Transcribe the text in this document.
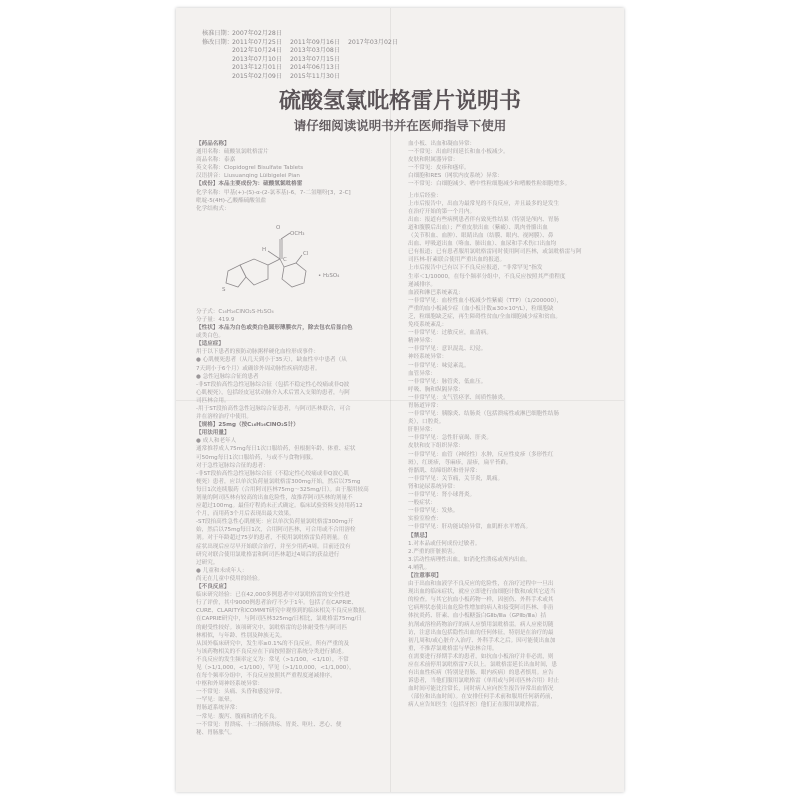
核准日期： 2007年02月28日
修改日期： 2011年07月25日	2011年09月16日	2017年03月02日
2012年10月24日	2013年03月08日
2013年07月10日	2013年07月15日
2013年12月01日	2014年06月13日
2015年02月09日	2015年11月30日
硫酸氢氯吡格雷片说明书
请仔细阅读说明书并在医师指导下使用

【药品名称】

通用名称：硫酸氢氯吡格雷片

商品名称：泰嘉

英文名称：Clopidogrel Bisulfate Tablets

汉语拼音：Liusuanqing Lüibigelei Pian

【成份】本品主要成份为：硫酸氢氯吡格雷

化学名称：甲基(+)-(S)-α-(2-氯苯基)-6，7-二氢噻吩[3，2-C]

吡啶-5(4H)-乙酸酯硫酸氢盐

化学结构式：

O
OCH₃
H
C
Cl
S
• H₂SO₄

分子式：C₁₆H₁₆ClNO₂S·H₂SO₄

分子量：419.9

【性状】本品为白色或类白色圆形薄膜衣片，除去包衣后显白色

或类白色。

【适应症】

用于以下患者的预防动脉粥样硬化血栓形成事件：

● 心肌梗死患者（从几天到小于35天），缺血性卒中患者（从

7天到小于6个月）或确诊外周动脉性疾病的患者。

● 急性冠脉综合征的患者

-非ST段抬高性急性冠脉综合征（包括不稳定性心绞痛或非Q波

心肌梗死），包括经皮冠状动脉介入术后置入支架的患者，与阿

司匹林合用。

-用于ST段抬高性急性冠脉综合征患者，与阿司匹林联合，可合

并在溶栓治疗中使用。

【规格】25mg（按C₁₆H₁₆ClNO₂S计）

【用法用量】

● 成人和老年人

通常推荐成人75mg每日1次口服给药，但根据年龄、体重、症状

可50mg每日1次口服给药，与或不与食物同服。

对于急性冠脉综合征的患者：

-非ST段抬高性急性冠脉综合征（不稳定性心绞痛或非Q波心肌

梗死）患者，应以单次负荷量氯吡格雷300mg开始，然后以75mg

每日1次连续服药（合用阿司匹林75mg～325mg/日）。由于服用较高

剂量的阿司匹林有较高的出血危险性，故推荐阿司匹林的剂量不

应超过100mg。最佳疗程尚未正式确定。临床试验资料支持用药12

个月，而用药3个月后表现出最大效果。

-ST段抬高性急性心肌梗死：应以单次负荷量氯吡格雷300mg开

始，然后以75mg每日1次，合用阿司匹林，可合用或不合用溶栓

剂。对于年龄超过75岁的患者，不使用氯吡格雷负荷剂量。在

症状出现后应尽早开始联合治疗，并至少用药4周。目前还没有

研究对联合使用氯吡格雷和阿司匹林超过4周后的获益进行

过研究。

● 儿童和未成年人：

尚无在儿童中使用的经验。

【不良反应】

临床研究经验：已在42,000多例患者中对氯吡格雷的安全性进

行了评价，其中9000例患者治疗不少于1年。包括了在CAPRIE、

CURE、CLARITY和COMMIT研究中观察到的临床相关不良反应数据。

在CAPRIE研究中，与阿司匹林325mg/日相比，氯吡格雷75mg/日

的耐受性较好。该项研究中，氯吡格雷的总体耐受性与阿司匹

林相似，与年龄、性别及种族无关。

从国外临床研究中，发生率≥0.1%的不良反应，所有严重的及

与该药物相关的不良反应在下面按照器官系统分类进行描述。

不良反应的发生频率定义为：常见（>1/100，<1/10），不常

见（>1/1,000，<1/100），罕见（>1/10,000，<1/1,000），

在每个频率分组中，不良反应按照其严重程度递减排序。

中枢和外周神经系统异常：

一不常见：头痛、头昏和感觉异常。

一罕见：眩晕。

胃肠道系统异常：

一常见：腹泻、腹痛和消化不良。

一不常见：胃溃疡、十二指肠溃疡、胃炎、呕吐、恶心、便

秘、胃肠胀气。

血小板、出血和凝血异常：

一不常见：出血时间延长和血小板减少。

皮肤和附属器异常：

一不常见：皮疹和瘙痒。

白细胞和RES（网状内皮系统）异常：

一不常见：白细胞减少、嗜中性粒细胞减少和嗜酸性粒细胞增多。

上市后经验：

上市后报告中，出血为最常见的不良反应，并且最多的是发生

在治疗开始的第一个月内。

出血：报道有些病例患者伴有致死性结果（特别是颅内、胃肠

道和腹膜后出血）；严重皮肤出血（紫癜）、肌肉骨骼出血

（关节积血、血肿）、眼睛出血（结膜、眼内、视网膜）、鼻

出血、呼吸道出血（咯血、肺出血）、血尿和手术伤口出血均

已有报道；已有患者服用氯吡格雷同时使用阿司匹林，或氯吡格雷与阿

司匹林-肝素联合使用严重出血的报道。

上市后报告中已有以下不良反应报道，“非常罕见”指发

生率＜1/10000，在每个频率分组中，不良反应按照其严重程度

递减排序。

血液和淋巴系统紊乱：

一非常罕见：血栓性血小板减少性紫癜（TTP）（1/200000），

严重的血小板减少症（血小板计数≤30×10⁹/L），粒细胞缺

乏，粒细胞缺乏症，再生障碍性贫血/全血细胞减少症和贫血。

免疫系统紊乱：

一非常罕见：过敏反应，血清病。

精神异常：

一非常罕见：意识混乱、幻觉。

神经系统异常：

一非常罕见：味觉紊乱。

血管异常：

一非常罕见：脉管炎，低血压。

呼吸、胸和纵隔异常：

一非常罕见：支气管痉挛、间质性肺炎。

胃肠道异常：

一非常罕见：胰腺炎、结肠炎（包括溃疡性或淋巴细胞性结肠

炎），口腔炎。

肝胆异常：

一非常罕见：急性肝衰竭、肝炎。

皮肤和皮下组织异常：

一非常罕见：血管（神经性）水肿，反应性皮疹（多形性红

斑），红斑疹，荨麻疹，湿疹，扁平苔藓。

骨骼肌、结缔组织和骨异常：

一非常罕见：关节痛，关节炎，肌痛。

肾和泌尿系统异常：

一非常罕见：肾小球肾炎。

一般症状：

一非常罕见：发热。

实验室检查：

一非常罕见：肝功能试验异常，血肌酐水平增高。

【禁忌】

1.对本品或任何成份过敏者。

2.严重的肝脏损害。

3.活动性病理性出血，如消化性溃疡或颅内出血。

4.哺乳。

【注意事项】

由于出血和血液学不良反应的危险性，在治疗过程中一旦出

现出血的临床症状，就应立即进行血细胞计数和/或其它适当

的检查。与其它抗血小板药物一样，因创伤、外科手术或其

它病理状态使出血危险性增加的病人和接受阿司匹林、非甾

体抗炎药、肝素、血小板糖蛋白GⅡb/Ⅲa（GPⅡb/Ⅲa）拮

抗剂或溶栓药物治疗的病人应慎用氯吡格雷。病人应密切随

访，注意出血包括隐性出血的任何体征，特别是在治疗的最

初几周和/或心脏介入治疗、外科手术之后。因可能使出血加

重，不推荐氯吡格雷与华法林合用。

在需要进行择期手术的患者，如抗血小板治疗并非必需，则

应在术前停用氯吡格雷7天以上。氯吡格雷延长出血时间，患

有出血性疾病（特别是胃肠、眼内疾病）的患者慎用。应告

诉患者，当他们服用氯吡格雷（单用或与阿司匹林合用）时止

血时间可能比往常长，同时病人应向医生报告异常出血情况

（部位和出血时间）。在安排任何手术前和服用任何新药前，

病人应告知医生（包括牙医）他们正在服用氯吡格雷。
